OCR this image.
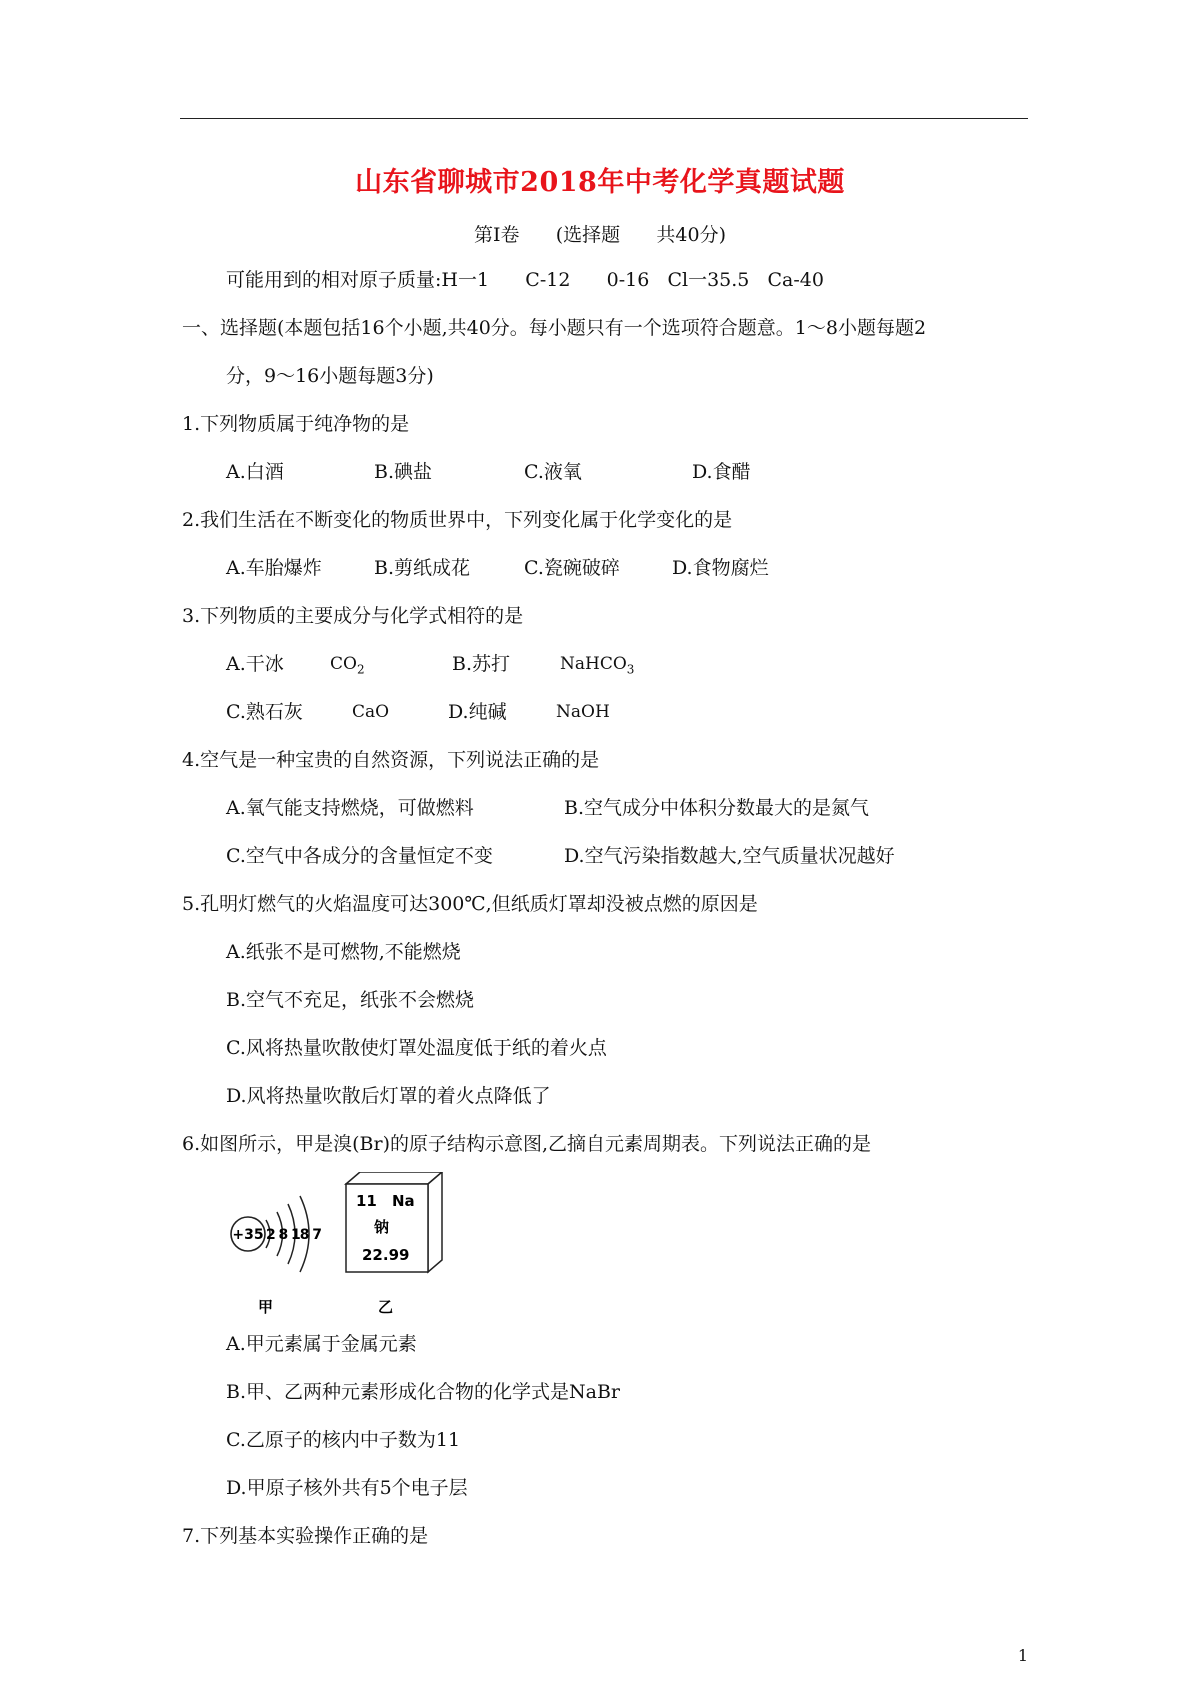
山东省聊城市2018年中考化学真题试题
第Ⅰ卷      (选择题      共40分)
可能用到的相对原子质量:H一1      C-12      0-16   Cl一35.5   Ca-40
一、选择题(本题包括16个小题,共40分。每小题只有一个选项符合题意。1～8小题每题2
分，9～16小题每题3分)
1.下列物质属于纯净物的是
A.白酒	B.碘盐	C.液氧	D.食醋
2.我们生活在不断变化的物质世界中，下列变化属于化学变化的是
A.车胎爆炸	B.剪纸成花	C.瓷碗破碎	D.食物腐烂
3.下列物质的主要成分与化学式相符的是
A.干冰	$CO_2$	B.苏打	NaHCO$_3$
C.熟石灰	CaO	D.纯碱	NaOH
4.空气是一种宝贵的自然资源，下列说法正确的是
A.氧气能支持燃烧，可做燃料	B.空气成分中体积分数最大的是氮气
C.空气中各成分的含量恒定不变	D.空气污染指数越大,空气质量状况越好
5.孔明灯燃气的火焰温度可达300℃,但纸质灯罩却没被点燃的原因是
A.纸张不是可燃物,不能燃烧
B.空气不充足，纸张不会燃烧
C.风将热量吹散使灯罩处温度低于纸的着火点
D.风将热量吹散后灯罩的着火点降低了
6.如图所示，甲是溴(Br)的原子结构示意图,乙摘自元素周期表。下列说法正确的是
+35 2 8 18 7
甲
11 Na
钠
22.99
乙
A.甲元素属于金属元素
B.甲、乙两种元素形成化合物的化学式是NaBr
C.乙原子的核内中子数为11
D.甲原子核外共有5个电子层
7.下列基本实验操作正确的是
1
